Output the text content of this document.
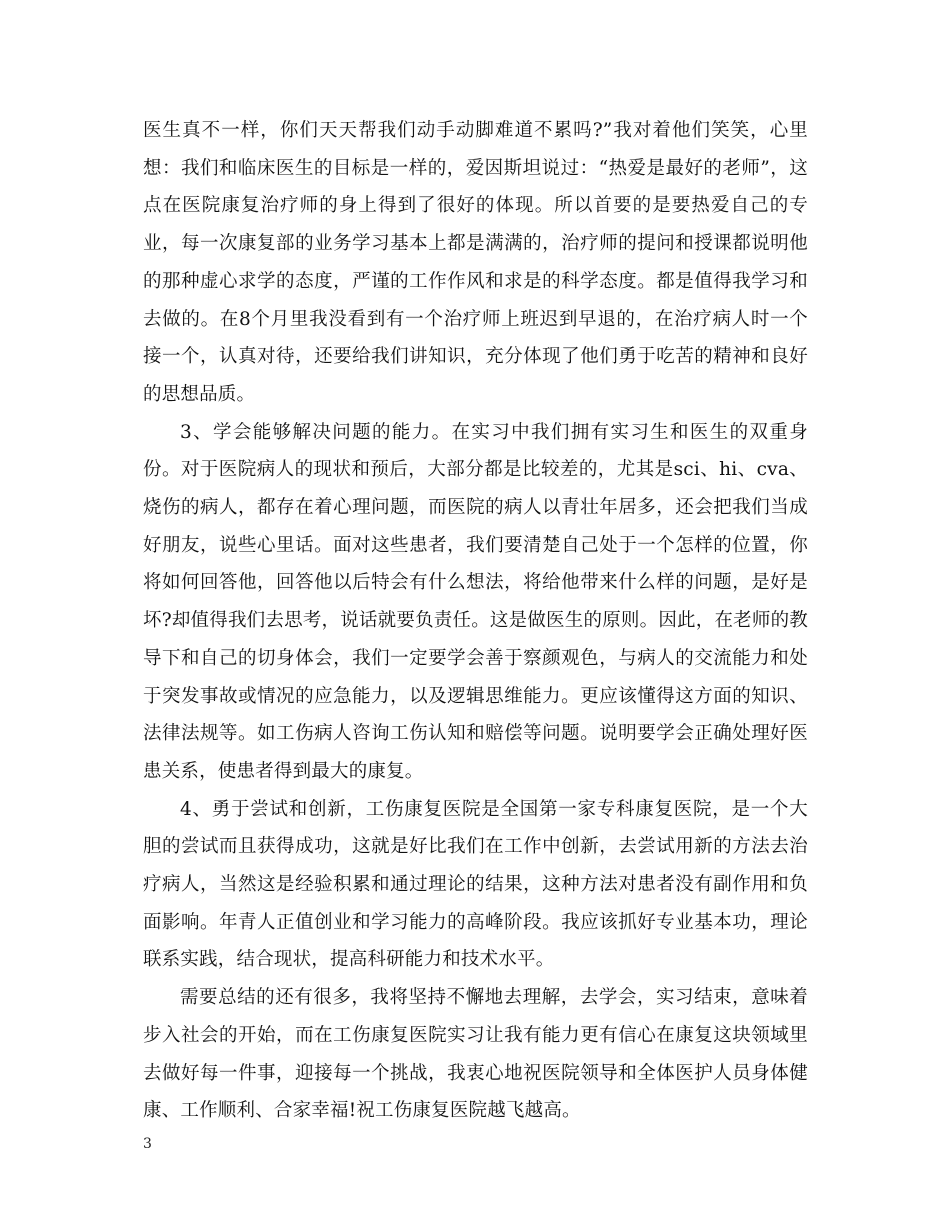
医生真不一样，你们天天帮我们动手动脚难道不累吗?”我对着他们笑笑，心里想：我们和临床医生的目标是一样的，爱因斯坦说过：“热爱是最好的老师”，这点在医院康复治疗师的身上得到了很好的体现。所以首要的是要热爱自己的专业，每一次康复部的业务学习基本上都是满满的，治疗师的提问和授课都说明他的那种虚心求学的态度，严谨的工作作风和求是的科学态度。都是值得我学习和去做的。在8个月里我没看到有一个治疗师上班迟到早退的，在治疗病人时一个接一个，认真对待，还要给我们讲知识，充分体现了他们勇于吃苦的精神和良好的思想品质。

3、学会能够解决问题的能力。在实习中我们拥有实习生和医生的双重身份。对于医院病人的现状和预后，大部分都是比较差的，尤其是sci、hi、cva、烧伤的病人，都存在着心理问题，而医院的病人以青壮年居多，还会把我们当成好朋友，说些心里话。面对这些患者，我们要清楚自己处于一个怎样的位置，你将如何回答他，回答他以后特会有什么想法，将给他带来什么样的问题，是好是坏?却值得我们去思考，说话就要负责任。这是做医生的原则。因此，在老师的教导下和自己的切身体会，我们一定要学会善于察颜观色，与病人的交流能力和处于突发事故或情况的应急能力，以及逻辑思维能力。更应该懂得这方面的知识、法律法规等。如工伤病人咨询工伤认知和赔偿等问题。说明要学会正确处理好医患关系，使患者得到最大的康复。

4、勇于尝试和创新，工伤康复医院是全国第一家专科康复医院，是一个大胆的尝试而且获得成功，这就是好比我们在工作中创新，去尝试用新的方法去治疗病人，当然这是经验积累和通过理论的结果，这种方法对患者没有副作用和负面影响。年青人正值创业和学习能力的高峰阶段。我应该抓好专业基本功，理论联系实践，结合现状，提高科研能力和技术水平。

需要总结的还有很多，我将坚持不懈地去理解，去学会，实习结束，意味着步入社会的开始，而在工伤康复医院实习让我有能力更有信心在康复这块领域里去做好每一件事，迎接每一个挑战，我衷心地祝医院领导和全体医护人员身体健康、工作顺利、合家幸福!祝工伤康复医院越飞越高。

3
